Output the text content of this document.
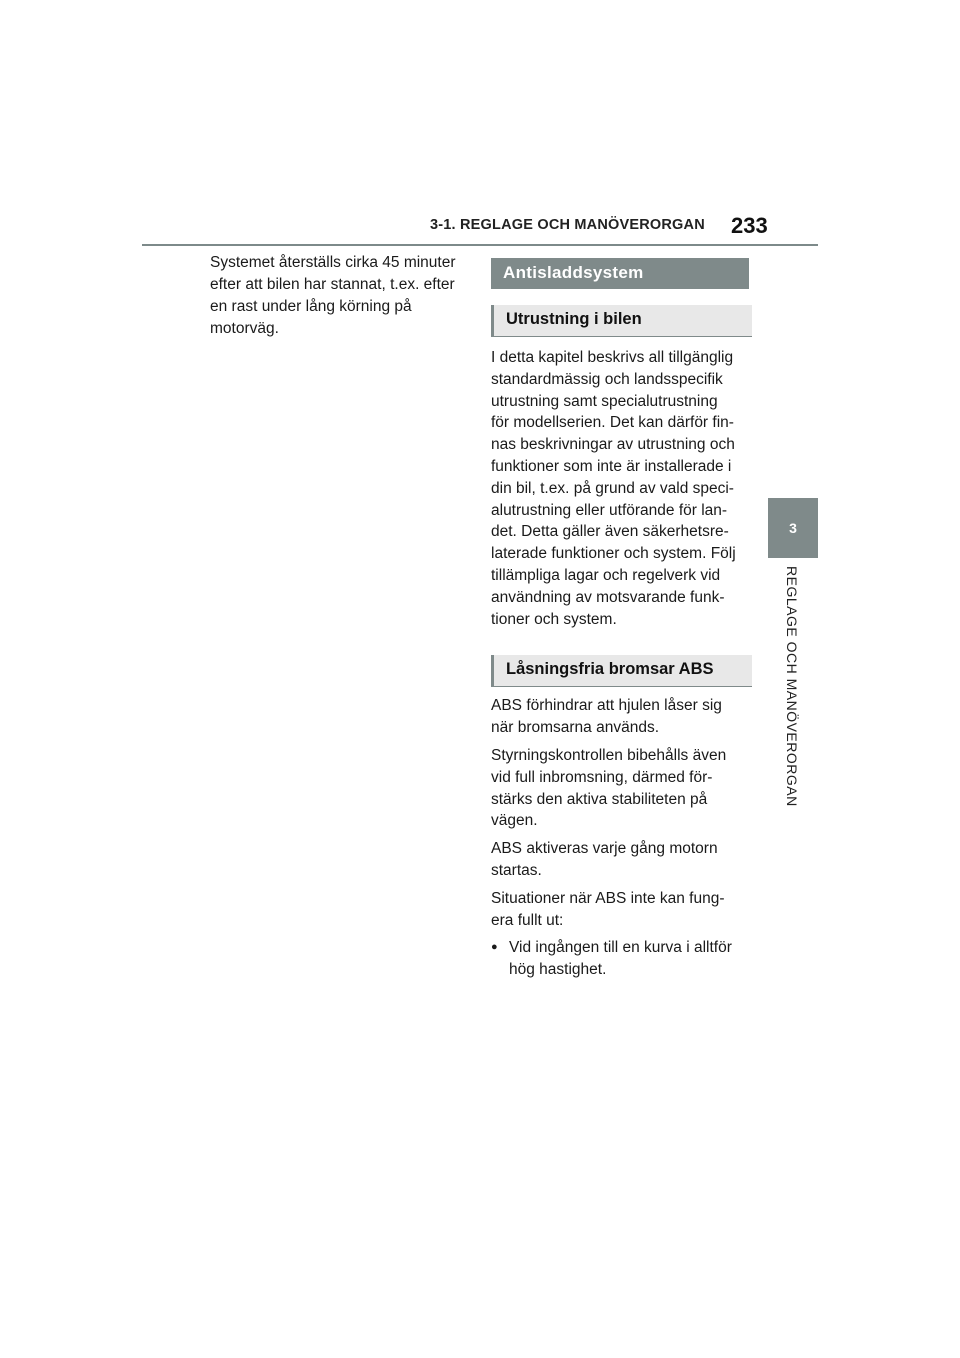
3-1. REGLAGE OCH MANÖVERORGAN 233
3
REGLAGE OCH MANÖVERORGAN

Systemet återställs cirka 45 minuter
efter att bilen har stannat, t.ex. efter
en rast under lång körning på
motorväg.

Antisladdsystem
Utrustning i bilen

I detta kapitel beskrivs all tillgänglig
standardmässig och landsspecifik
utrustning samt specialutrustning
för modellserien. Det kan därför fin-
nas beskrivningar av utrustning och
funktioner som inte är installerade i
din bil, t.ex. på grund av vald speci-
alutrustning eller utförande för lan-
det. Detta gäller även säkerhetsre-
laterade funktioner och system. Följ
tillämpliga lagar och regelverk vid
användning av motsvarande funk-
tioner och system.

Låsningsfria bromsar ABS

ABS förhindrar att hjulen låser sig
när bromsarna används.

Styrningskontrollen bibehålls även
vid full inbromsning, därmed för-
stärks den aktiva stabiliteten på
vägen.

ABS aktiveras varje gång motorn
startas.

Situationer när ABS inte kan fung-
era fullt ut:

● Vid ingången till en kurva i alltför
hög hastighet.
